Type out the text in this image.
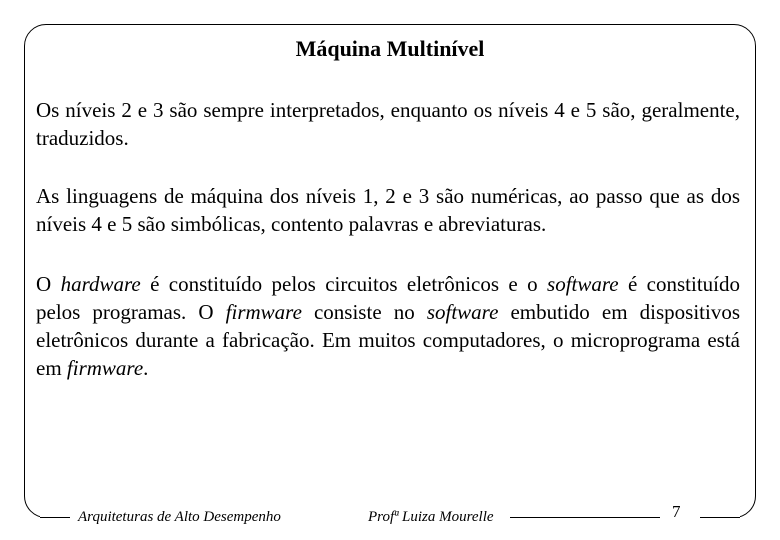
Máquina Multinível

Os níveis 2 e 3 são sempre interpretados, enquanto os níveis 4 e 5 são, geralmente, traduzidos.

As linguagens de máquina dos níveis 1, 2 e 3 são numéricas, ao passo que as dos níveis 4 e 5 são simbólicas, contento palavras e abreviaturas.

O hardware é constituído pelos circuitos eletrônicos e o software é constituído pelos programas. O firmware consiste no software embutido em dispositivos eletrônicos durante a fabricação. Em muitos computadores, o microprograma está em firmware.

Arquiteturas de Alto Desempenho	Profª Luiza Mourelle	7
